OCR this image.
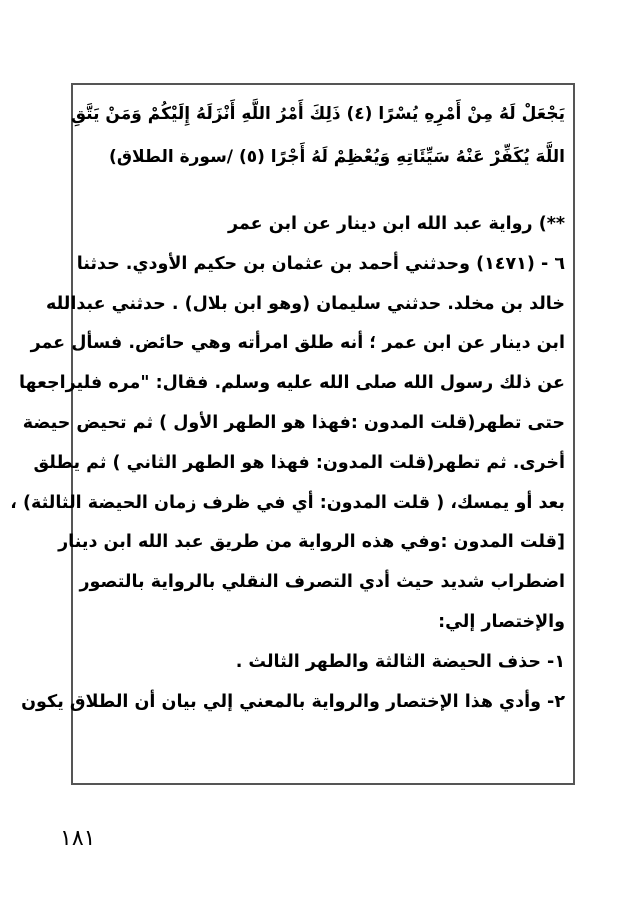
يَجْعَلْ لَهُ مِنْ أَمْرِهِ يُسْرًا (٤) ذَلِكَ أَمْرُ اللَّهِ أَنْزَلَهُ إِلَيْكُمْ وَمَنْ يَتَّقِ
اللَّهَ يُكَفِّرْ عَنْهُ سَيِّئَاتِهِ وَيُعْظِمْ لَهُ أَجْرًا (٥) /سورة الطلاق)
**) رواية عبد الله ابن دينار عن ابن عمر
٦ - (١٤٧١) وحدثني أحمد بن عثمان بن حكيم الأودي. حدثنا
خالد بن مخلد. حدثني سليمان (وهو ابن بلال) . حدثني عبدالله
ابن دينار عن ابن عمر ؛ أنه طلق امرأته وهي حائض. فسأل عمر
عن ذلك رسول الله صلى الله عليه وسلم. فقال: "مره فليراجعها
حتى تطهر(قلت المدون :فهذا هو الطهر الأول ) ثم تحيض حيضة
أخرى. ثم تطهر(قلت المدون: فهذا هو الطهر الثاني ) ثم يطلق
بعد أو يمسك، ( قلت المدون: أي في ظرف زمان الحيضة الثالثة) ،
[قلت المدون :وفي هذه الرواية من طريق عبد الله ابن دينار
اضطراب شديد حيث أدي التصرف النقلي بالرواية بالتصور
والإختصار إلي:
١- حذف الحيضة الثالثة والطهر الثالث .
٢- وأدي هذا الإختصار والرواية بالمعني إلي بيان أن الطلاق يكون
١٨١
